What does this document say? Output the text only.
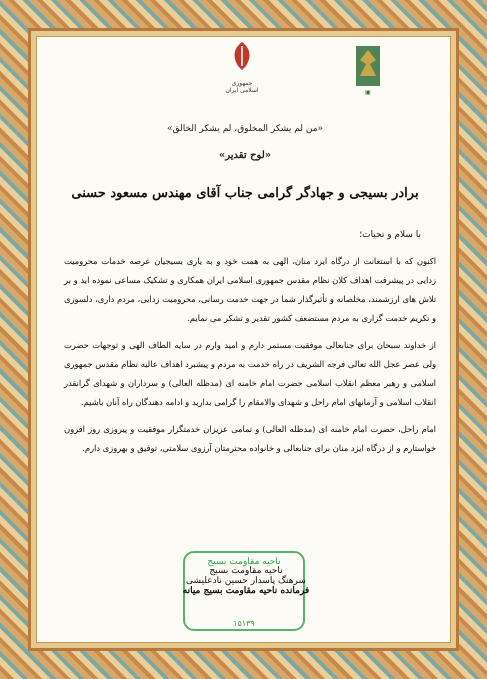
▣
جمهوری اسلامی ایران
«من لم یشکر المخلوق، لم یشکر الخالق»
«لوح تقدیر»
برادر بسیجی و جهادگر گرامی جناب آقای مهندس مسعود حسنی
با سلام و تحیات؛

اکنون که با استعانت از درگاه ایزد منان، الهی به همت خود و به یاری بسیجیان عرصه خدمات محرومیت زدایی در پیشرفت اهداف کلان نظام مقدس جمهوری اسلامی ایران همکاری و تشکیک مساعی نموده اید و بر تلاش های ارزشمند، مخلصانه و تأثیرگذار شما در جهت خدمت رسانی، محرومیت زدایی، مردم داری، دلسوزی و تکریم خدمت گزاری به مردم مستضعف کشور تقدیر و تشکر می نمایم.

از خداوند سبحان برای جنابعالی موفقیت مستمر دارم و امید وارم در سایه الطاف الهی و توجهات حضرت ولی عصر عجل الله تعالی فرجه الشریف در راه خدمت به مردم و پیشبرد اهداف عالیه نظام مقدس جمهوری اسلامی و رهبر معظم انقلاب اسلامی حضرت امام خامنه ای (مدظله العالی) و سرداران و شهدای گرانقدر انقلاب اسلامی و آرمانهای امام راحل و شهدای والامقام را گرامی بدارید و ادامه دهندگان راه آنان باشیم.

امام راحل، حضرت امام خامنه ای (مدظله العالی) و تمامی عزیزان خدمتگزار موفقیت و پیروزی روز افزون خواستارم و از درگاه ایزد منان برای جنابعالی و خانواده محترمتان آرزوی سلامتی، توفیق و بهروزی دارم.

ناحیه مقاومت بسیج
۱۵۱۳۹
ناحیه مقاومت بسیج
سرهنگ پاسدار حسین نادعلیشی
فرمانده ناحیه مقاومت بسیج میانه
